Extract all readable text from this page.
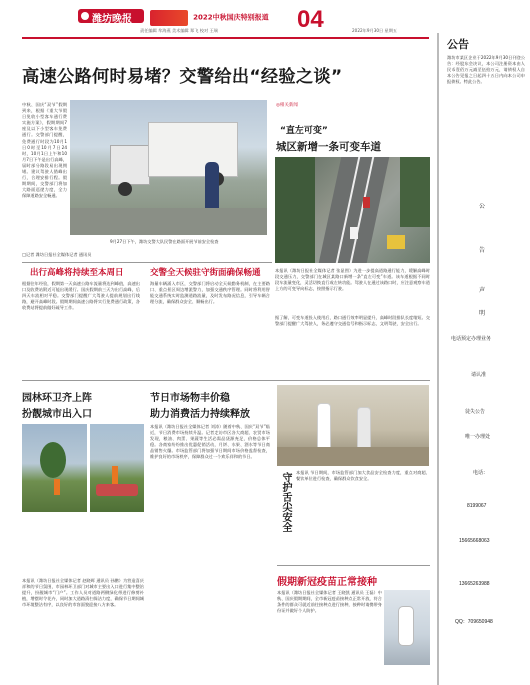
潍坊晚报	2022中秋国庆特别报道 04
责任编辑 牟海燕 美术编辑 郑飞 校对 王瑞	2022年9月30日 星期五
高速公路何时易堵？交警给出“经验之谈”
中秋、国庆“双节”假期到来，根据《重大节假日免收小型客车通行费实施方案》，假期期间7座及以下小型客车免费通行。交警部门提醒，免费通行时段为10月1日0时至10月7日24时，10月1日上午和10月7日下午是出行高峰，届时部分路段易出现拥堵。建议驾驶人错峰出行，合理安排行程。假期期间，交警部门将加大路面巡逻力度，全力保障道路安全畅通。
9月27日下午，潍坊交警大队民警在路面开展节前安全检查
□记者 潍坊日报社全媒体记者 通讯员
出行高峰将持续至本周日
根据往年经验，假期第一天高速公路车流量将达到峰值，高速出口及收费站附近可能出现缓行。国庆假期前三天为出行高峰，后四天车流相对平稳。交警部门提醒广大驾驶人提前规划出行线路，避开高峰时段。假期期间高速公路将实行免费通行政策，各收费站将提前做好疏导工作。
交警全天候驻守街面确保畅通
海量车辆涌入市区，交警部门将启动全天候勤务机制，在主要路口、重点景区周边增派警力，加强交通秩序管理。同时将利用智能交通系统实时监测道路流量，及时发布路况信息，引导车辆合理分流，确保群众安全、顺畅出行。
◎相关新闻
“直左可变”
城区新增一条可变车道
本报讯（潍坊日报社全媒体记者 张显图）为进一步提高道路通行能力，缓解高峰时段交通压力，交警部门在城区某路口新增一条“直左可变”车道。该车道根据不同时段车流量变化，灵活切换直行或左转功能。驾驶人在通过该路口时，应注意观察车道上方的可变导向标志，按照指示行驶。
据了解，可变车道投入使用后，路口通行效率明显提升，高峰时段排队长度缩短。交警部门提醒广大驾驶人，务必遵守交通信号和指示标志，文明驾驶，安全出行。
园林环卫齐上阵
扮靓城市出入口
本报讯（潍坊日报社全媒体记者 赵晓晖 通讯员 孙鹏）为营造喜庆祥和的节日氛围，市园林环卫部门对城市主要出入口进行集中整治提升，扮靓城市“门户”。工作人员对道路两侧绿化带进行修剪补植，增摆时令花卉，同时加大道路清扫保洁力度，确保节日期间城市环境整洁有序，以良好的市容面貌迎接八方来客。
节日市场物丰价稳
助力消费活力持续释放
本报讯（潍坊日报社全媒体记者 刘涛）随着中秋、国庆“双节”临近，节日消费市场持续升温。记者走访市区各大商超、农贸市场发现，粮油、肉蛋、果蔬等生活必需品货源充足，价格总体平稳。各商家纷纷推出优惠促销活动，月饼、水果、酒水等节日商品销售火爆。市场监管部门将加强节日期间市场价格监督检查，维护良好的市场秩序，保障群众过一个欢乐祥和的节日。
守护舌尖安全 本报讯 节日期间，市场监管部门加大食品安全检查力度，重点对商超、餐饮单位进行检查，确保群众饮食安全。
假期新冠疫苗正常接种
本报讯（潍坊日报社全媒体记者 王晓凯 通讯员 王磊）中秋、国庆假期期间，全市新冠疫苗接种点正常开放，符合条件的群众可就近前往接种点进行接种，接种时请携带身份证并做好个人防护。
公告
潍坊市某区企业于2022年9月30日刊登公告：经股东会决议，本公司注册资本由人民币壹佰万元减至伍拾万元，请债权人自本公告见报之日起四十五日内向本公司申报债权。特此公告。
公
告
声
明
电话预定办理业务
请认准
徒失公告
唯一办理处
电话：
8199067
15665668063
13665263988
QQ：709650948
